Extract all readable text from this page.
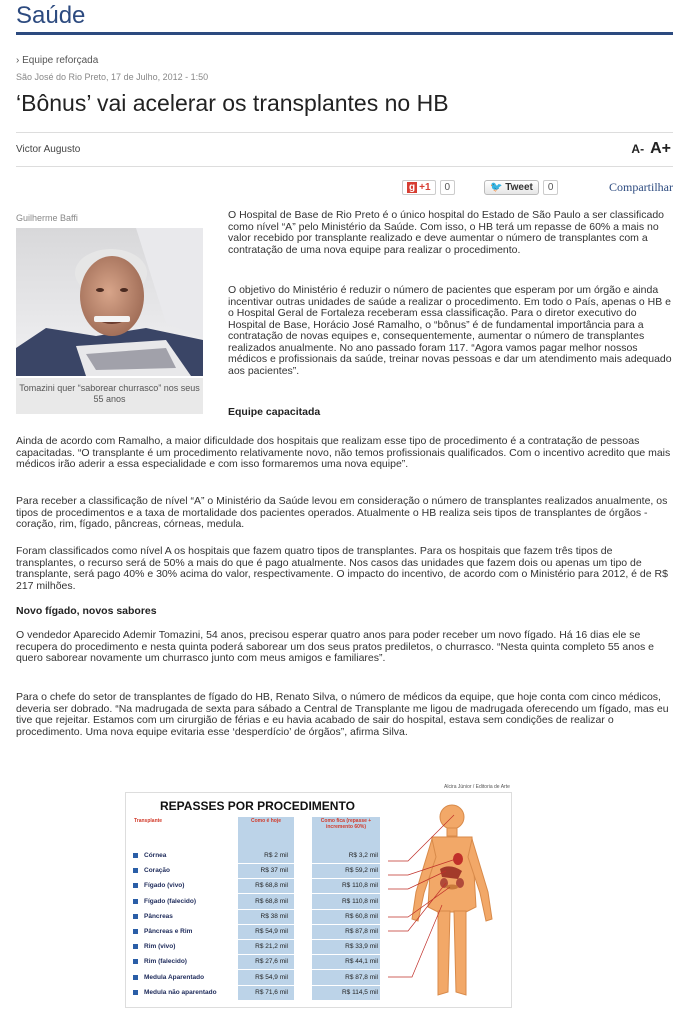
Saúde
› Equipe reforçada
São José do Rio Preto, 17 de Julho, 2012 - 1:50
‘Bônus’ vai acelerar os transplantes no HB
Victor Augusto	A- A+
g +1	0	🐦 Tweet	0	Compartilhar
Guilherme Baffi
Tomazini quer “saborear churrasco” nos seus 55 anos

O Hospital de Base de Rio Preto é o único hospital do Estado de São Paulo a ser classificado como nível “A” pelo Ministério da Saúde. Com isso, o HB terá um repasse de 60% a mais no valor recebido por transplante realizado e deve aumentar o número de transplantes com a contratação de uma nova equipe para realizar o procedimento.

O objetivo do Ministério é reduzir o número de pacientes que esperam por um órgão e ainda incentivar outras unidades de saúde a realizar o procedimento. Em todo o País, apenas o HB e o Hospital Geral de Fortaleza receberam essa classificação. Para o diretor executivo do Hospital de Base, Horácio José Ramalho, o “bônus” é de fundamental importância para a contratação de novas equipes e, consequentemente, aumentar o número de transplantes realizados anualmente. No ano passado foram 117. “Agora vamos pagar melhor nossos médicos e profissionais da saúde, treinar novas pessoas e dar um atendimento mais adequado aos pacientes”.

Equipe capacitada

Ainda de acordo com Ramalho, a maior dificuldade dos hospitais que realizam esse tipo de procedimento é a contratação de pessoas capacitadas. “O transplante é um procedimento relativamente novo, não temos profissionais qualificados. Com o incentivo acredito que mais médicos irão aderir a essa especialidade e com isso formaremos uma nova equipe”.

Para receber a classificação de nível “A” o Ministério da Saúde levou em consideração o número de transplantes realizados anualmente, os tipos de procedimentos e a taxa de mortalidade dos pacientes operados. Atualmente o HB realiza seis tipos de transplantes de órgãos - coração, rim, fígado, pâncreas, córneas, medula.

Foram classificados como nível A os hospitais que fazem quatro tipos de transplantes. Para os hospitais que fazem três tipos de transplantes, o recurso será de 50% a mais do que é pago atualmente. Nos casos das unidades que fazem dois ou apenas um tipo de transplante, será pago 40% e 30% acima do valor, respectivamente. O impacto do incentivo, de acordo com o Ministério para 2012, é de R$ 217 milhões.

Novo fígado, novos sabores

O vendedor Aparecido Ademir Tomazini, 54 anos, precisou esperar quatro anos para poder receber um novo fígado. Há 16 dias ele se recupera do procedimento e nesta quinta poderá saborear um dos seus pratos prediletos, o churrasco. “Nesta quinta completo 55 anos e quero saborear novamente um churrasco junto com meus amigos e familiares”.

Para o chefe do setor de transplantes de fígado do HB, Renato Silva, o número de médicos da equipe, que hoje conta com cinco médicos, deveria ser dobrado. “Na madrugada de sexta para sábado a Central de Transplante me ligou de madrugada oferecendo um fígado, mas eu tive que rejeitar. Estamos com um cirurgião de férias e eu havia acabado de sair do hospital, estava sem condições de realizar o procedimento. Uma nova equipe evitaria esse ‘desperdício’ de órgãos”, afirma Silva.

Alcira Júnior / Editoria de Arte
REPASSES POR PROCEDIMENTO
Transplante	Como é hoje	Como fica (repasse + incremento 60%)
Córnea	R$ 2 mil	R$ 3,2 mil
Coração	R$ 37 mil	R$ 59,2 mil
Fígado (vivo)	R$ 68,8 mil	R$ 110,8 mil
Fígado (falecido)	R$ 68,8 mil	R$ 110,8 mil
Pâncreas	R$ 38 mil	R$ 60,8 mil
Pâncreas e Rim	R$ 54,9 mil	R$ 87,8 mil
Rim (vivo)	R$ 21,2 mil	R$ 33,9 mil
Rim (falecido)	R$ 27,6 mil	R$ 44,1 mil
Medula Aparentado	R$ 54,9 mil	R$ 87,8 mil
Medula não aparentado	R$ 71,6 mil	R$ 114,5 mil
